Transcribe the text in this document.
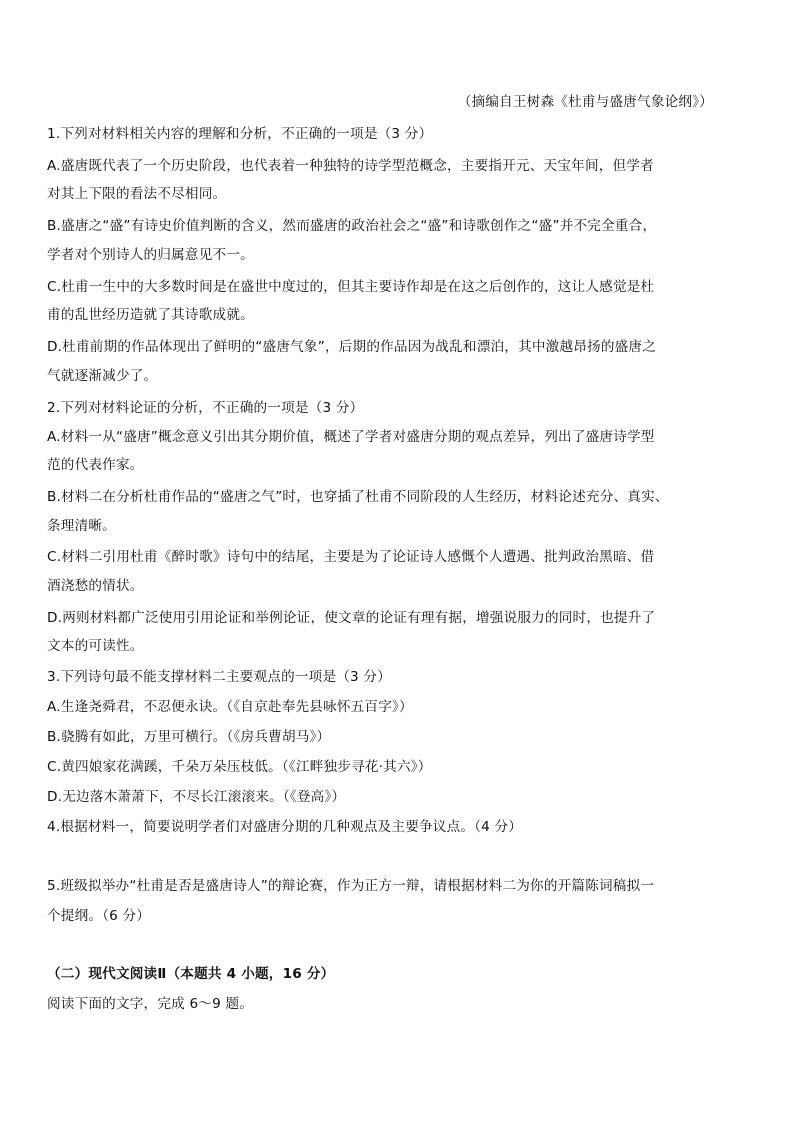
（摘编自王树森《杜甫与盛唐气象论纲》）
1.下列对材料相关内容的理解和分析，不正确的一项是（3 分）
A.盛唐既代表了一个历史阶段，也代表着一种独特的诗学型范概念，主要指开元、天宝年间，但学者
对其上下限的看法不尽相同。
B.盛唐之“盛”有诗史价值判断的含义，然而盛唐的政治社会之“盛”和诗歌创作之“盛”并不完全重合，
学者对个别诗人的归属意见不一。
C.杜甫一生中的大多数时间是在盛世中度过的，但其主要诗作却是在这之后创作的，这让人感觉是杜
甫的乱世经历造就了其诗歌成就。
D.杜甫前期的作品体现出了鲜明的“盛唐气象”，后期的作品因为战乱和漂泊，其中激越昂扬的盛唐之
气就逐渐减少了。
2.下列对材料论证的分析，不正确的一项是（3 分）
A.材料一从“盛唐”概念意义引出其分期价值，概述了学者对盛唐分期的观点差异，列出了盛唐诗学型
范的代表作家。
B.材料二在分析杜甫作品的“盛唐之气”时，也穿插了杜甫不同阶段的人生经历，材料论述充分、真实、
条理清晰。
C.材料二引用杜甫《醉时歌》诗句中的结尾，主要是为了论证诗人感慨个人遭遇、批判政治黑暗、借
酒浇愁的情状。
D.两则材料都广泛使用引用论证和举例论证，使文章的论证有理有据，增强说服力的同时，也提升了
文本的可读性。
3.下列诗句最不能支撑材料二主要观点的一项是（3 分）
A.生逢尧舜君，不忍便永诀。（《自京赴奉先县咏怀五百字》）
B.骁腾有如此，万里可横行。（《房兵曹胡马》）
C.黄四娘家花满蹊，千朵万朵压枝低。（《江畔独步寻花·其六》）
D.无边落木萧萧下，不尽长江滚滚来。（《登高》）
4.根据材料一，简要说明学者们对盛唐分期的几种观点及主要争议点。（4 分）
5.班级拟举办“杜甫是否是盛唐诗人”的辩论赛，作为正方一辩，请根据材料二为你的开篇陈词稿拟一
个提纲。（6 分）
（二）现代文阅读Ⅱ（本题共 4 小题，16 分）
阅读下面的文字，完成 6～9 题。
